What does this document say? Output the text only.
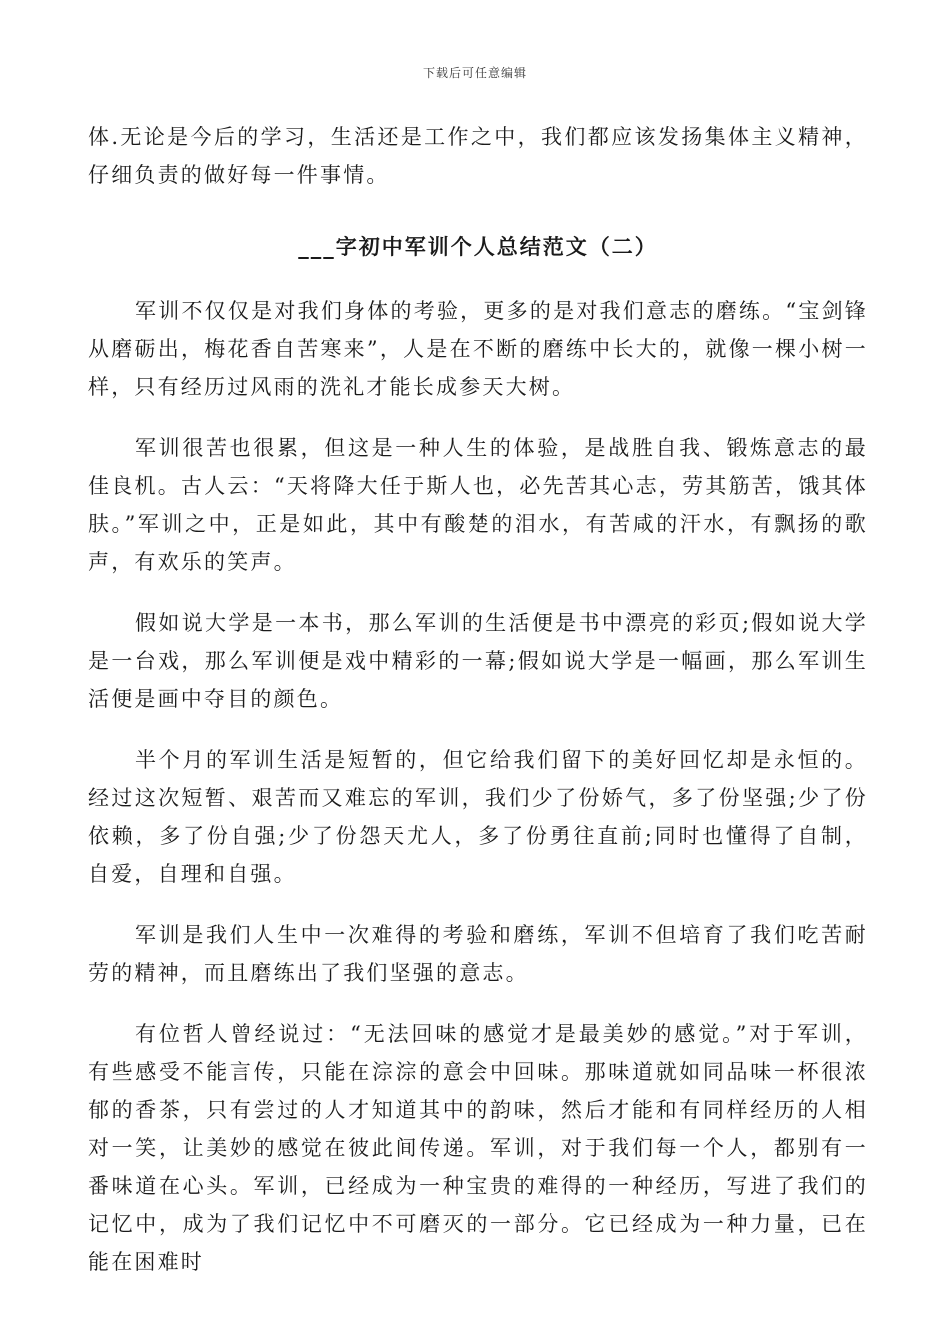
下载后可任意编辑

体.无论是今后的学习，生活还是工作之中，我们都应该发扬集体主义精神，仔细负责的做好每一件事情。

___字初中军训个人总结范文（二）

军训不仅仅是对我们身体的考验，更多的是对我们意志的磨练。“宝剑锋从磨砺出，梅花香自苦寒来”，人是在不断的磨练中长大的，就像一棵小树一样，只有经历过风雨的洗礼才能长成参天大树。

军训很苦也很累，但这是一种人生的体验，是战胜自我、锻炼意志的最佳良机。古人云：“天将降大任于斯人也，必先苦其心志，劳其筋苦，饿其体肤。”军训之中，正是如此，其中有酸楚的泪水，有苦咸的汗水，有飘扬的歌声，有欢乐的笑声。

假如说大学是一本书，那么军训的生活便是书中漂亮的彩页;假如说大学是一台戏，那么军训便是戏中精彩的一幕;假如说大学是一幅画，那么军训生活便是画中夺目的颜色。

半个月的军训生活是短暂的，但它给我们留下的美好回忆却是永恒的。经过这次短暂、艰苦而又难忘的军训，我们少了份娇气，多了份坚强;少了份依赖，多了份自强;少了份怨天尤人，多了份勇往直前;同时也懂得了自制，自爱，自理和自强。

军训是我们人生中一次难得的考验和磨练，军训不但培育了我们吃苦耐劳的精神，而且磨练出了我们坚强的意志。

有位哲人曾经说过：“无法回味的感觉才是最美妙的感觉。”对于军训，有些感受不能言传，只能在淙淙的意会中回味。那味道就如同品味一杯很浓郁的香茶，只有尝过的人才知道其中的韵味，然后才能和有同样经历的人相对一笑，让美妙的感觉在彼此间传递。军训，对于我们每一个人，都别有一番味道在心头。军训，已经成为一种宝贵的难得的一种经历，写进了我们的记忆中，成为了我们记忆中不可磨灭的一部分。它已经成为一种力量，已在能在困难时
